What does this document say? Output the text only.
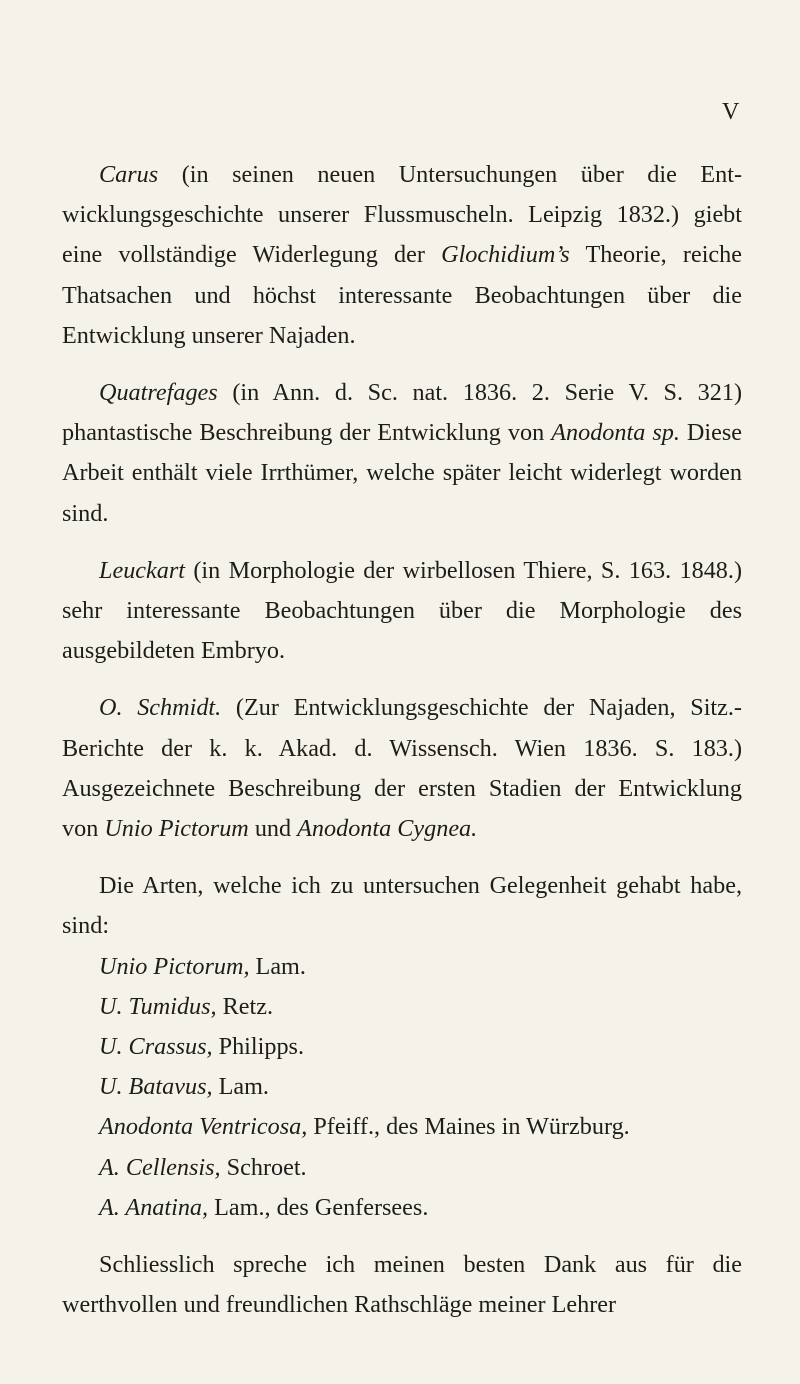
V

Carus (in seinen neuen Untersuchungen über die Entwicklungsgeschichte unserer Flussmuscheln. Leipzig 1832.) giebt eine vollständige Widerlegung der Glochidium’s Theorie, reiche Thatsachen und höchst interessante Beobachtungen über die Entwicklung unserer Najaden.

Quatrefages (in Ann. d. Sc. nat. 1836. 2. Serie V. S. 321) phantastische Beschreibung der Entwicklung von Anodonta sp. Diese Arbeit enthält viele Irrthümer, welche später leicht widerlegt worden sind.

Leuckart (in Morphologie der wirbellosen Thiere, S. 163. 1848.) sehr interessante Beobachtungen über die Morphologie des ausgebildeten Embryo.

O. Schmidt. (Zur Entwicklungsgeschichte der Najaden, Sitz.-Berichte der k. k. Akad. d. Wissensch. Wien 1836. S. 183.) Ausgezeichnete Beschreibung der ersten Stadien der Entwicklung von Unio Pictorum und Anodonta Cygnea.

Die Arten, welche ich zu untersuchen Gelegenheit gehabt habe, sind:

Unio Pictorum, Lam.
U. Tumidus, Retz.
U. Crassus, Philipps.
U. Batavus, Lam.
Anodonta Ventricosa, Pfeiff., des Maines in Würzburg.
A. Cellensis, Schroet.
A. Anatina, Lam., des Genfersees.

Schliesslich spreche ich meinen besten Dank aus für die werthvollen und freundlichen Rathschläge meiner Lehrer
